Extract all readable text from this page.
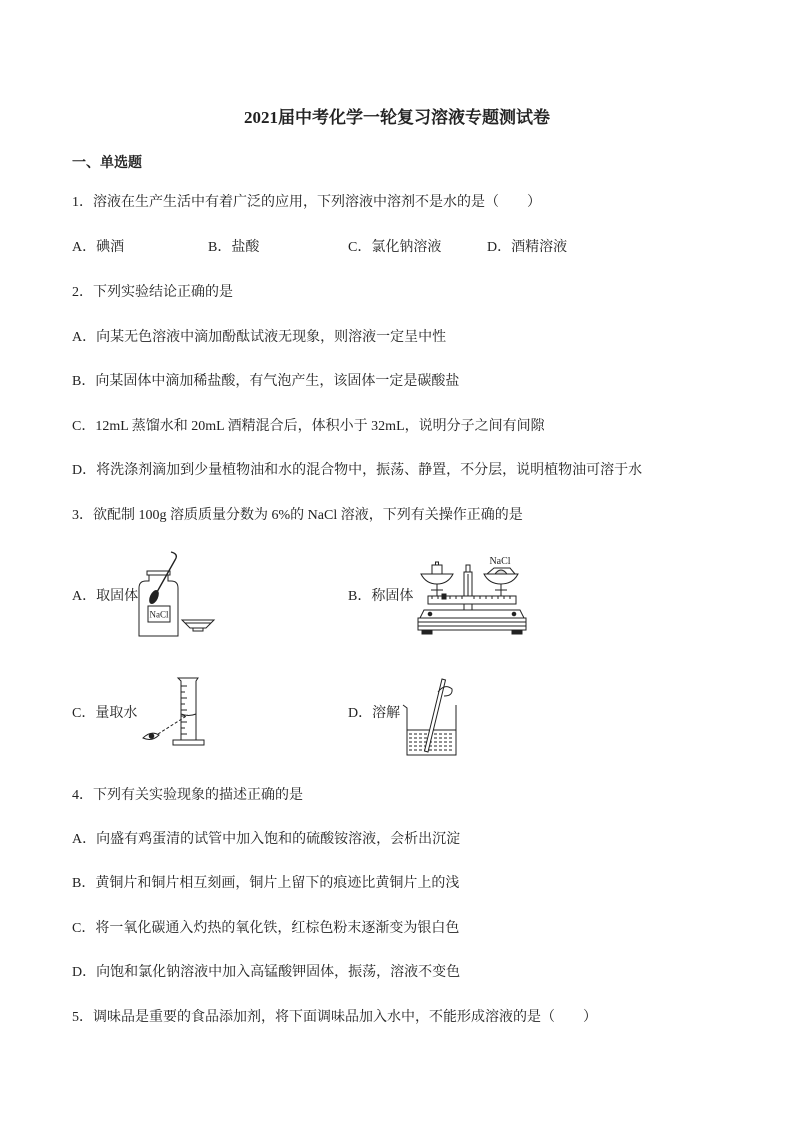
2021届中考化学一轮复习溶液专题测试卷
一、单选题
1．溶液在生产生活中有着广泛的应用，下列溶液中溶剂不是水的是（　　）
A．碘酒	B．盐酸	C．氯化钠溶液	D．酒精溶液
2．下列实验结论正确的是
A．向某无色溶液中滴加酚酞试液无现象，则溶液一定呈中性
B．向某固体中滴加稀盐酸，有气泡产生，该固体一定是碳酸盐
C．12mL 蒸馏水和 20mL 酒精混合后，体积小于 32mL，说明分子之间有间隙
D．将洗涤剂滴加到少量植物油和水的混合物中，振荡、静置，不分层，说明植物油可溶于水
3．欲配制 100g 溶质质量分数为 6%的 NaCl 溶液，下列有关操作正确的是
A．取固体
NaCl
B．称固体
NaCl
C．量取水	D．溶解
4．下列有关实验现象的描述正确的是
A．向盛有鸡蛋清的试管中加入饱和的硫酸铵溶液，会析出沉淀
B．黄铜片和铜片相互刻画，铜片上留下的痕迹比黄铜片上的浅
C．将一氧化碳通入灼热的氧化铁，红棕色粉末逐渐变为银白色
D．向饱和氯化钠溶液中加入高锰酸钾固体，振荡，溶液不变色
5．调味品是重要的食品添加剂，将下面调味品加入水中，不能形成溶液的是（　　）
